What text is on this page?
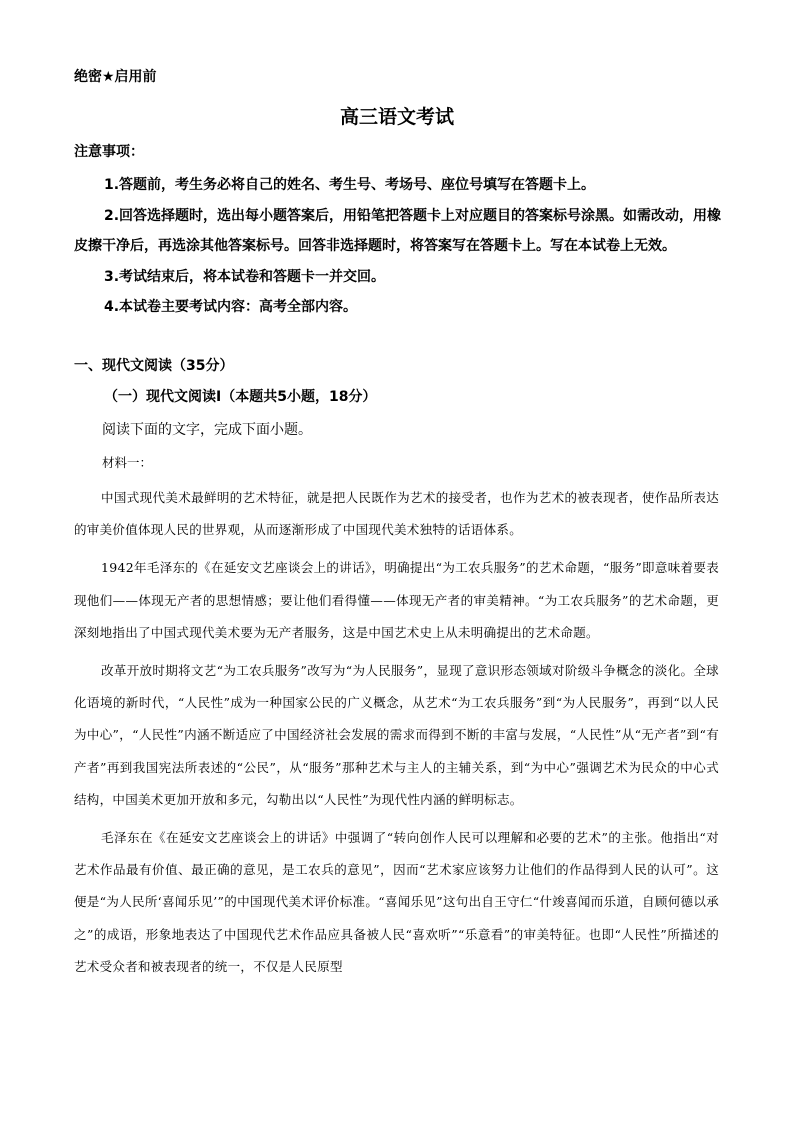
绝密★启用前
高三语文考试
注意事项：

1.答题前，考生务必将自己的姓名、考生号、考场号、座位号填写在答题卡上。

2.回答选择题时，选出每小题答案后，用铅笔把答题卡上对应题目的答案标号涂黑。如需改动，用橡皮擦干净后，再选涂其他答案标号。回答非选择题时，将答案写在答题卡上。写在本试卷上无效。

3.考试结束后，将本试卷和答题卡一并交回。

4.本试卷主要考试内容：高考全部内容。

一、现代文阅读（35分）
（一）现代文阅读Ⅰ（本题共5小题，18分）
阅读下面的文字，完成下面小题。
材料一：

中国式现代美术最鲜明的艺术特征，就是把人民既作为艺术的接受者，也作为艺术的被表现者，使作品所表达的审美价值体现人民的世界观，从而逐渐形成了中国现代美术独特的话语体系。

1942年毛泽东的《在延安文艺座谈会上的讲话》，明确提出“为工农兵服务”的艺术命题，“服务”即意味着要表现他们——体现无产者的思想情感；要让他们看得懂——体现无产者的审美精神。“为工农兵服务”的艺术命题，更深刻地指出了中国式现代美术要为无产者服务，这是中国艺术史上从未明确提出的艺术命题。

改革开放时期将文艺“为工农兵服务”改写为“为人民服务”，显现了意识形态领域对阶级斗争概念的淡化。全球化语境的新时代，“人民性”成为一种国家公民的广义概念，从艺术“为工农兵服务”到“为人民服务”，再到“以人民为中心”，“人民性”内涵不断适应了中国经济社会发展的需求而得到不断的丰富与发展，“人民性”从“无产者”到“有产者”再到我国宪法所表述的“公民”，从“服务”那种艺术与主人的主辅关系，到“为中心”强调艺术为民众的中心式结构，中国美术更加开放和多元，勾勒出以“人民性”为现代性内涵的鲜明标志。

毛泽东在《在延安文艺座谈会上的讲话》中强调了“转向创作人民可以理解和必要的艺术”的主张。他指出“对艺术作品最有价值、最正确的意见，是工农兵的意见”，因而“艺术家应该努力让他们的作品得到人民的认可”。这便是“为人民所‘喜闻乐见’”的中国现代美术评价标准。“喜闻乐见”这句出自王守仁“什竣喜闻而乐道，自顾何德以承之”的成语，形象地表达了中国现代艺术作品应具备被人民“喜欢听”“乐意看”的审美特征。也即“人民性”所描述的艺术受众者和被表现者的统一，不仅是人民原型
